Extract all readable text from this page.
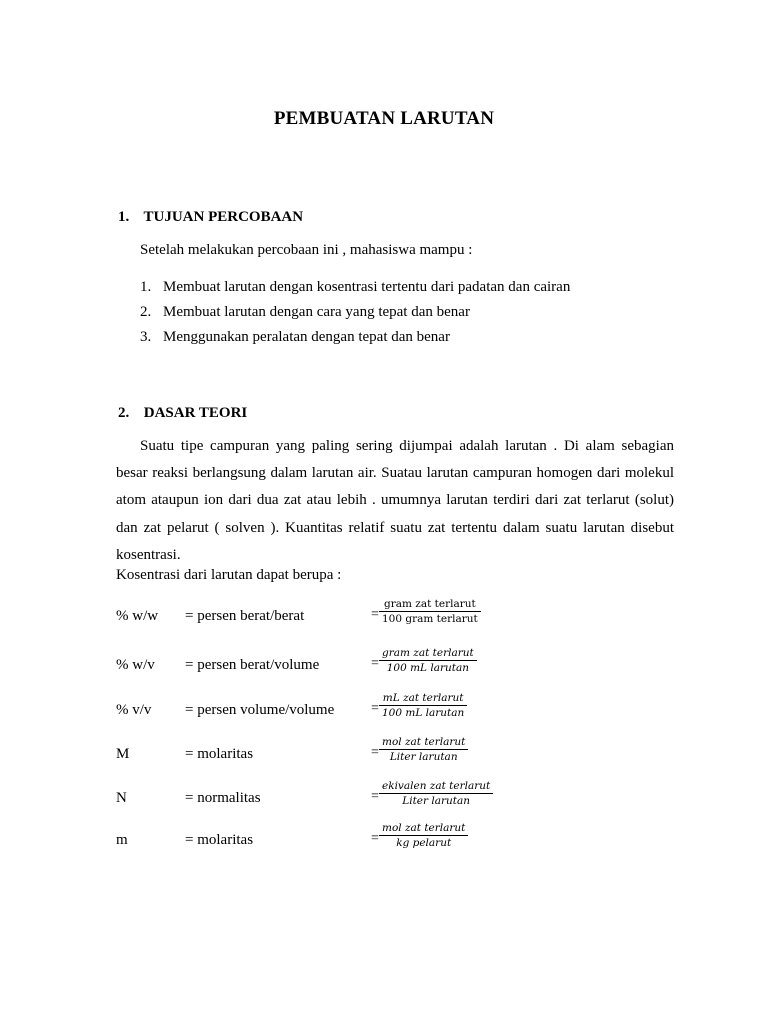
PEMBUATAN LARUTAN
1. TUJUAN PERCOBAAN
Setelah melakukan percobaan ini , mahasiswa mampu :
1. Membuat larutan dengan kosentrasi tertentu dari padatan dan cairan
2. Membuat larutan dengan cara yang tepat dan benar
3. Menggunakan peralatan dengan tepat dan benar
2. DASAR TEORI
Suatu tipe campuran yang paling sering dijumpai adalah larutan . Di alam sebagian
besar reaksi berlangsung dalam larutan air. Suatau larutan campuran homogen dari molekul
atom ataupun ion dari dua zat atau lebih . umumnya larutan terdiri dari zat terlarut (solut)
dan zat pelarut ( solven ). Kuantitas relatif suatu zat tertentu dalam suatu larutan disebut
kosentrasi.
Kosentrasi dari larutan dapat berupa :
% w/w = persen berat/berat	=
gram zat terlarut
100 gram terlarut
% w/v = persen berat/volume	=
gram zat terlarut
100 mL larutan
% v/v = persen volume/volume	=
mL zat terlarut
100 mL larutan
M	= molaritas	=
mol zat terlarut
Liter larutan
N	= normalitas	=
ekivalen zat terlarut
Liter larutan
m	= molaritas	=
mol zat terlarut
kg pelarut
